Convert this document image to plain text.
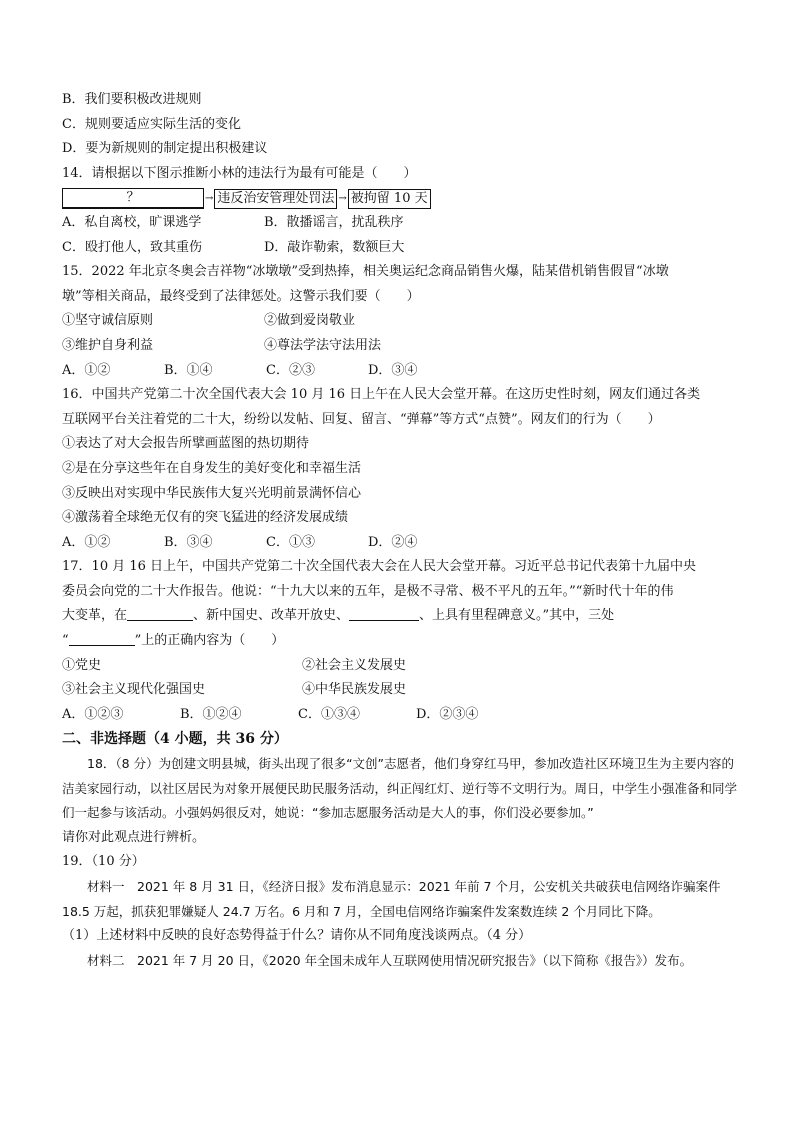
B．我们要积极改进规则
C．规则要适应实际生活的变化
D．要为新规则的制定提出积极建议
14．请根据以下图示推断小林的违法行为最有可能是（　　）
？	→ 违反治安管理处罚法 → 被拘留 10 天
A．私自离校，旷课逃学	B．散播谣言，扰乱秩序
C．殴打他人，致其重伤	D．敲诈勒索，数额巨大
15．2022 年北京冬奥会吉祥物“冰墩墩”受到热捧，相关奥运纪念商品销售火爆，陆某借机销售假冒“冰墩
墩”等相关商品，最终受到了法律惩处。这警示我们要（　　）
①坚守诚信原则	②做到爱岗敬业
③维护自身利益	④尊法学法守法用法
A．①②	B．①④	C．②③	D．③④
16．中国共产党第二十次全国代表大会 10 月 16 日上午在人民大会堂开幕。在这历史性时刻，网友们通过各类
互联网平台关注着党的二十大，纷纷以发帖、回复、留言、“弹幕”等方式“点赞”。网友们的行为（　　）
①表达了对大会报告所擘画蓝图的热切期待
②是在分享这些年在自身发生的美好变化和幸福生活
③反映出对实现中华民族伟大复兴光明前景满怀信心
④激荡着全球绝无仅有的突飞猛进的经济发展成绩
A．①②	B．③④	C．①③	D．②④
17．10 月 16 日上午，中国共产党第二十次全国代表大会在人民大会堂开幕。习近平总书记代表第十九届中央
委员会向党的二十大作报告。他说：“十九大以来的五年，是极不寻常、极不平凡的五年。”“新时代十年的伟
大变革，在	、新中国史、改革开放史、	、上具有里程碑意义。”其中，三处
“	”上的正确内容为（　　）
①党史	②社会主义发展史
③社会主义现代化强国史	④中华民族发展史
A．①②③	B．①②④	C．①③④	D．②③④
二、非选择题（4 小题，共 36 分）
18．（8 分）为创建文明县城，街头出现了很多“文创”志愿者，他们身穿红马甲，参加改造社区环境卫生为主要内容的洁美家园行动，以社区居民为对象开展便民助民服务活动，纠正闯红灯、逆行等不文明行为。周日，中学生小强准备和同学们一起参与该活动。小强妈妈很反对，她说：“参加志愿服务活动是大人的事，你们没必要参加。”
请你对此观点进行辨析。
19．（10 分）
材料一　2021 年 8 月 31 日，《经济日报》发布消息显示：2021 年前 7 个月，公安机关共破获电信网络诈骗案件 18.5 万起，抓获犯罪嫌疑人 24.7 万名。6 月和 7 月，全国电信网络诈骗案件发案数连续 2 个月同比下降。
（1）上述材料中反映的良好态势得益于什么？请你从不同角度浅谈两点。（4 分）
材料二　2021 年 7 月 20 日，《2020 年全国未成年人互联网使用情况研究报告》（以下简称《报告》）发布。
